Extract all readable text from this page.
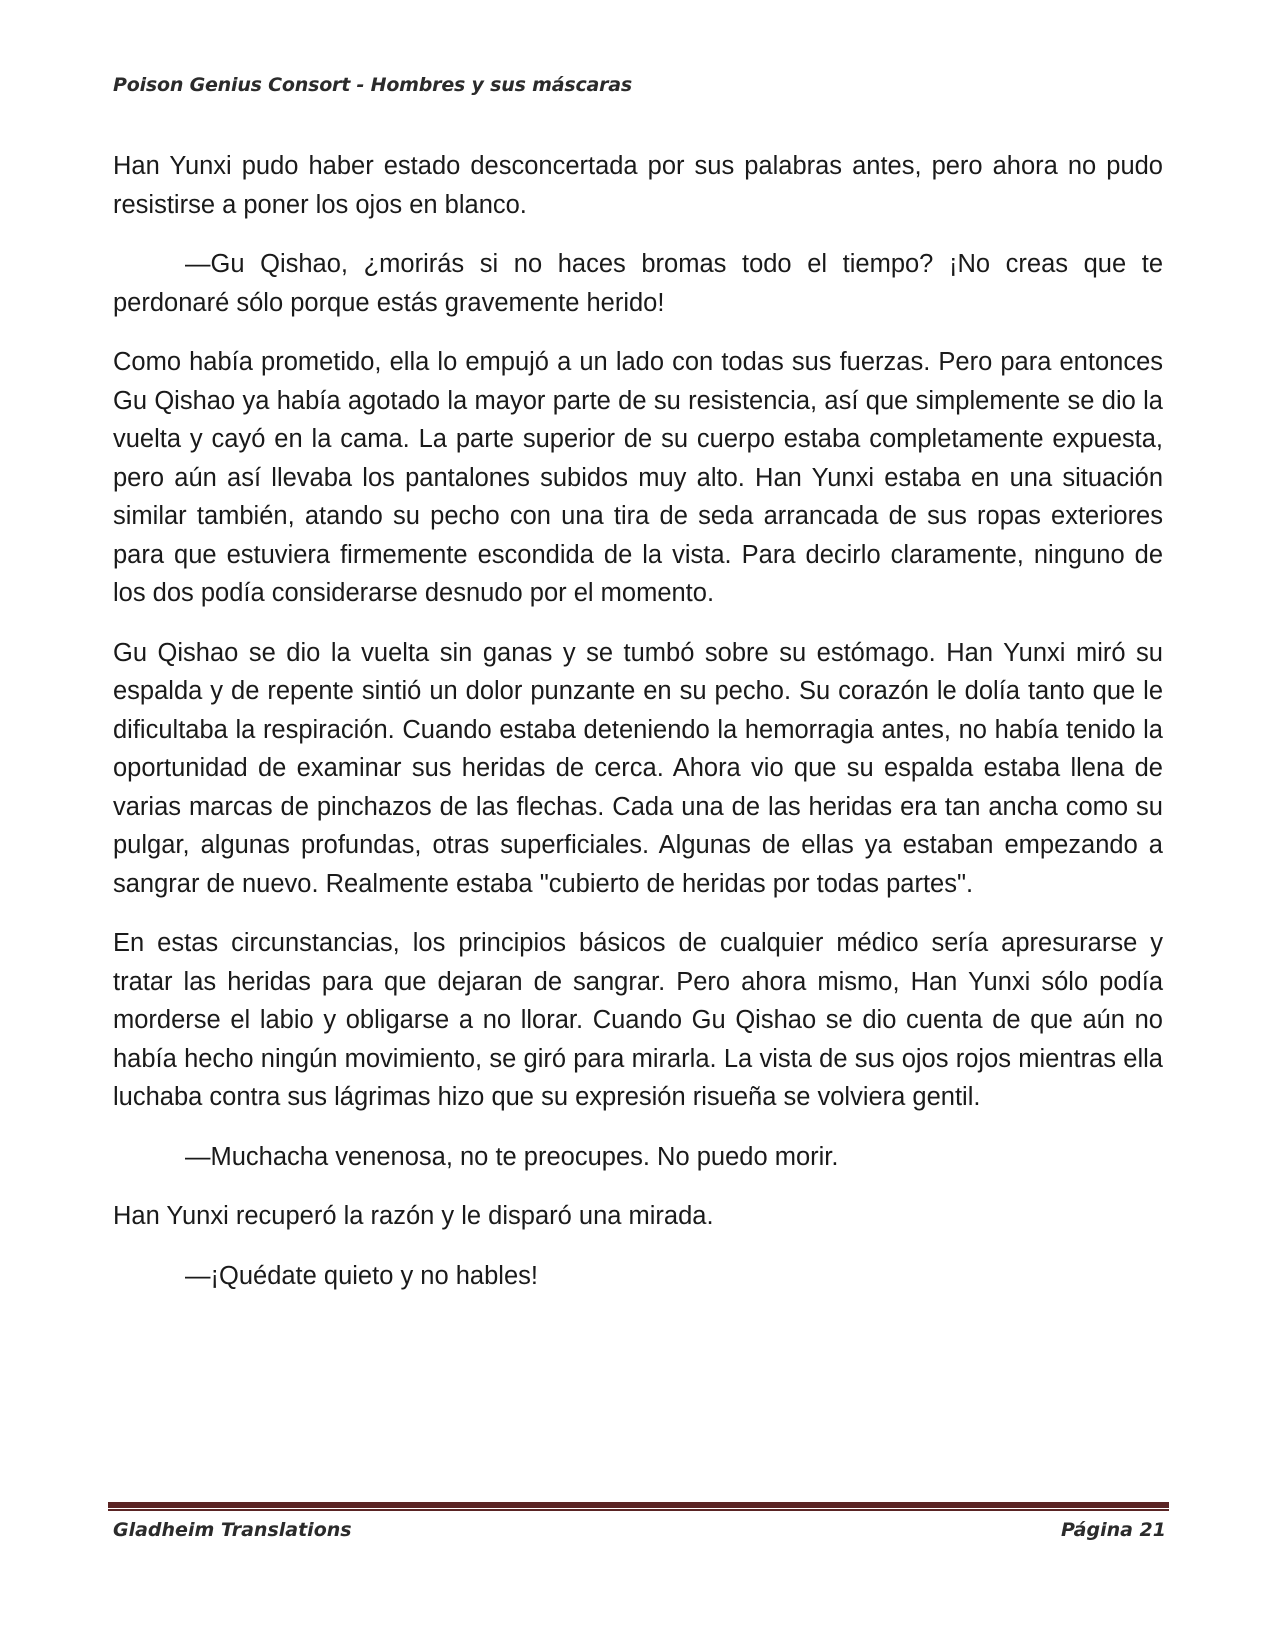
Poison Genius Consort - Hombres y sus máscaras

Han Yunxi pudo haber estado desconcertada por sus palabras antes, pero ahora no pudo resistirse a poner los ojos en blanco.

—Gu Qishao, ¿morirás si no haces bromas todo el tiempo? ¡No creas que te perdonaré sólo porque estás gravemente herido!

Como había prometido, ella lo empujó a un lado con todas sus fuerzas. Pero para entonces Gu Qishao ya había agotado la mayor parte de su resistencia, así que simplemente se dio la vuelta y cayó en la cama. La parte superior de su cuerpo estaba completamente expuesta, pero aún así llevaba los pantalones subidos muy alto. Han Yunxi estaba en una situación similar también, atando su pecho con una tira de seda arrancada de sus ropas exteriores para que estuviera firmemente escondida de la vista. Para decirlo claramente, ninguno de los dos podía considerarse desnudo por el momento.

Gu Qishao se dio la vuelta sin ganas y se tumbó sobre su estómago. Han Yunxi miró su espalda y de repente sintió un dolor punzante en su pecho. Su corazón le dolía tanto que le dificultaba la respiración. Cuando estaba deteniendo la hemorragia antes, no había tenido la oportunidad de examinar sus heridas de cerca. Ahora vio que su espalda estaba llena de varias marcas de pinchazos de las flechas. Cada una de las heridas era tan ancha como su pulgar, algunas profundas, otras superficiales. Algunas de ellas ya estaban empezando a sangrar de nuevo. Realmente estaba "cubierto de heridas por todas partes".

En estas circunstancias, los principios básicos de cualquier médico sería apresurarse y tratar las heridas para que dejaran de sangrar. Pero ahora mismo, Han Yunxi sólo podía morderse el labio y obligarse a no llorar. Cuando Gu Qishao se dio cuenta de que aún no había hecho ningún movimiento, se giró para mirarla. La vista de sus ojos rojos mientras ella luchaba contra sus lágrimas hizo que su expresión risueña se volviera gentil.

—Muchacha venenosa, no te preocupes. No puedo morir.

Han Yunxi recuperó la razón y le disparó una mirada.

—¡Quédate quieto y no hables!

Gladheim Translations	Página 21
